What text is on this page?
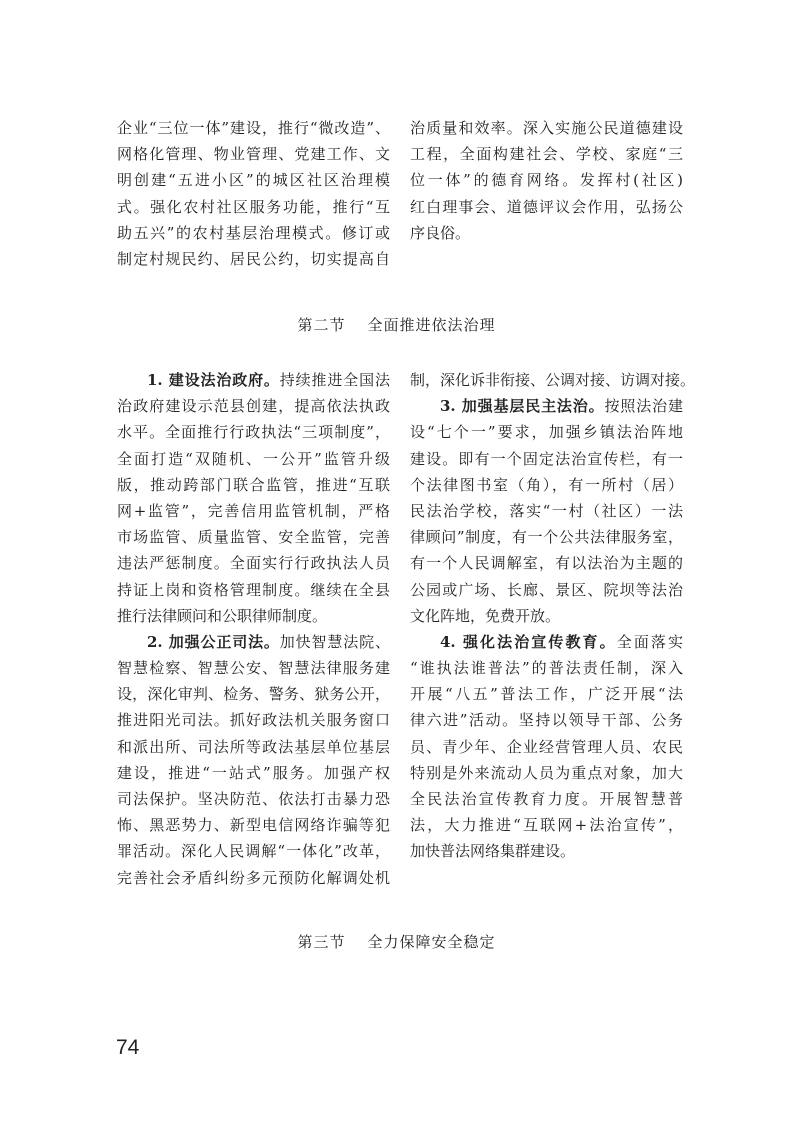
企业“三位一体”建设，推行“微改造”、
网格化管理、物业管理、党建工作、文
明创建“五进小区”的城区社区治理模
式。强化农村社区服务功能，推行“互
助五兴”的农村基层治理模式。修订或
制定村规民约、居民公约，切实提高自
治质量和效率。深入实施公民道德建设
工程，全面构建社会、学校、家庭“三
位一体”的德育网络。发挥村(社区)
红白理事会、道德评议会作用，弘扬公
序良俗。
第二节 全面推进依法治理
1. 建设法治政府。持续推进全国法
治政府建设示范县创建，提高依法执政
水平。全面推行行政执法“三项制度”，
全面打造“双随机、一公开”监管升级
版，推动跨部门联合监管，推进“互联
网+监管”，完善信用监管机制，严格
市场监管、质量监管、安全监管，完善
违法严惩制度。全面实行行政执法人员
持证上岗和资格管理制度。继续在全县
推行法律顾问和公职律师制度。
2. 加强公正司法。加快智慧法院、
智慧检察、智慧公安、智慧法律服务建
设，深化审判、检务、警务、狱务公开，
推进阳光司法。抓好政法机关服务窗口
和派出所、司法所等政法基层单位基层
建设，推进“一站式”服务。加强产权
司法保护。坚决防范、依法打击暴力恐
怖、黑恶势力、新型电信网络诈骗等犯
罪活动。深化人民调解“一体化”改革，
完善社会矛盾纠纷多元预防化解调处机
制，深化诉非衔接、公调对接、访调对接。
3. 加强基层民主法治。按照法治建
设“七个一”要求，加强乡镇法治阵地
建设。即有一个固定法治宣传栏，有一
个法律图书室（角），有一所村（居）
民法治学校，落实“一村（社区）一法
律顾问”制度，有一个公共法律服务室，
有一个人民调解室，有以法治为主题的
公园或广场、长廊、景区、院坝等法治
文化阵地，免费开放。
4. 强化法治宣传教育。全面落实
“谁执法谁普法”的普法责任制，深入
开展“八五”普法工作，广泛开展“法
律六进”活动。坚持以领导干部、公务
员、青少年、企业经营管理人员、农民
特别是外来流动人员为重点对象，加大
全民法治宣传教育力度。开展智慧普
法，大力推进“互联网+法治宣传”，
加快普法网络集群建设。
第三节 全力保障安全稳定
74
